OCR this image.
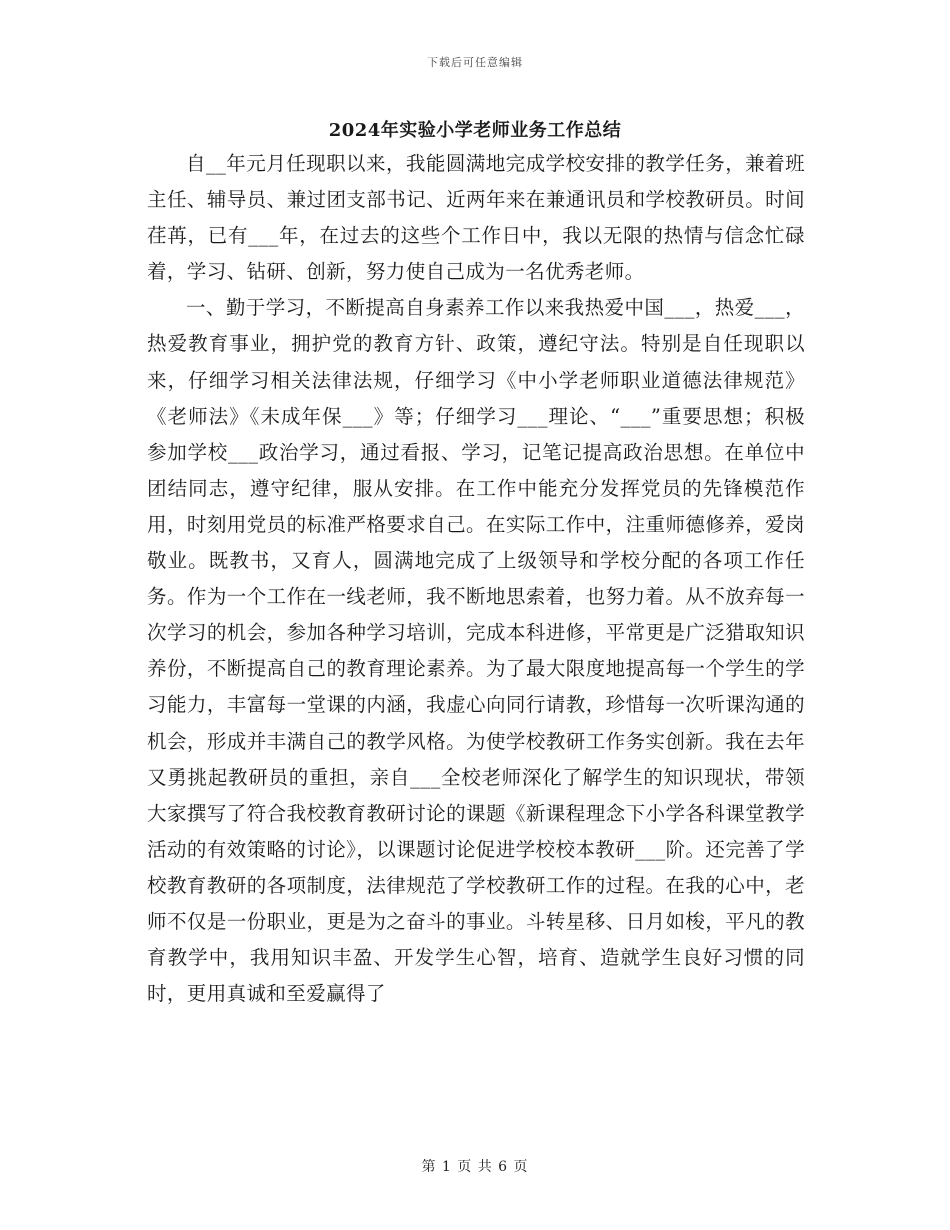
下载后可任意编辑
2024年实验小学老师业务工作总结

自__年元月任现职以来，我能圆满地完成学校安排的教学任务，兼着班主任、辅导员、兼过团支部书记、近两年来在兼通讯员和学校教研员。时间荏苒，已有___年，在过去的这些个工作日中，我以无限的热情与信念忙碌着，学习、钻研、创新，努力使自己成为一名优秀老师。

一、勤于学习，不断提高自身素养工作以来我热爱中国___，热爱___，热爱教育事业，拥护党的教育方针、政策，遵纪守法。特别是自任现职以来，仔细学习相关法律法规，仔细学习《中小学老师职业道德法律规范》《老师法》《未成年保___》等；仔细学习___理论、“___”重要思想；积极参加学校___政治学习，通过看报、学习，记笔记提高政治思想。在单位中团结同志，遵守纪律，服从安排。在工作中能充分发挥党员的先锋模范作用，时刻用党员的标准严格要求自己。在实际工作中，注重师德修养，爱岗敬业。既教书，又育人，圆满地完成了上级领导和学校分配的各项工作任务。作为一个工作在一线老师，我不断地思索着，也努力着。从不放弃每一次学习的机会，参加各种学习培训，完成本科进修，平常更是广泛猎取知识养份，不断提高自己的教育理论素养。为了最大限度地提高每一个学生的学习能力，丰富每一堂课的内涵，我虚心向同行请教，珍惜每一次听课沟通的机会，形成并丰满自己的教学风格。为使学校教研工作务实创新。我在去年又勇挑起教研员的重担，亲自___全校老师深化了解学生的知识现状，带领大家撰写了符合我校教育教研讨论的课题《新课程理念下小学各科课堂教学活动的有效策略的讨论》，以课题讨论促进学校校本教研___阶。还完善了学校教育教研的各项制度，法律规范了学校教研工作的过程。在我的心中，老师不仅是一份职业，更是为之奋斗的事业。斗转星移、日月如梭，平凡的教育教学中，我用知识丰盈、开发学生心智，培育、造就学生良好习惯的同时，更用真诚和至爱赢得了

第 1 页 共 6 页
